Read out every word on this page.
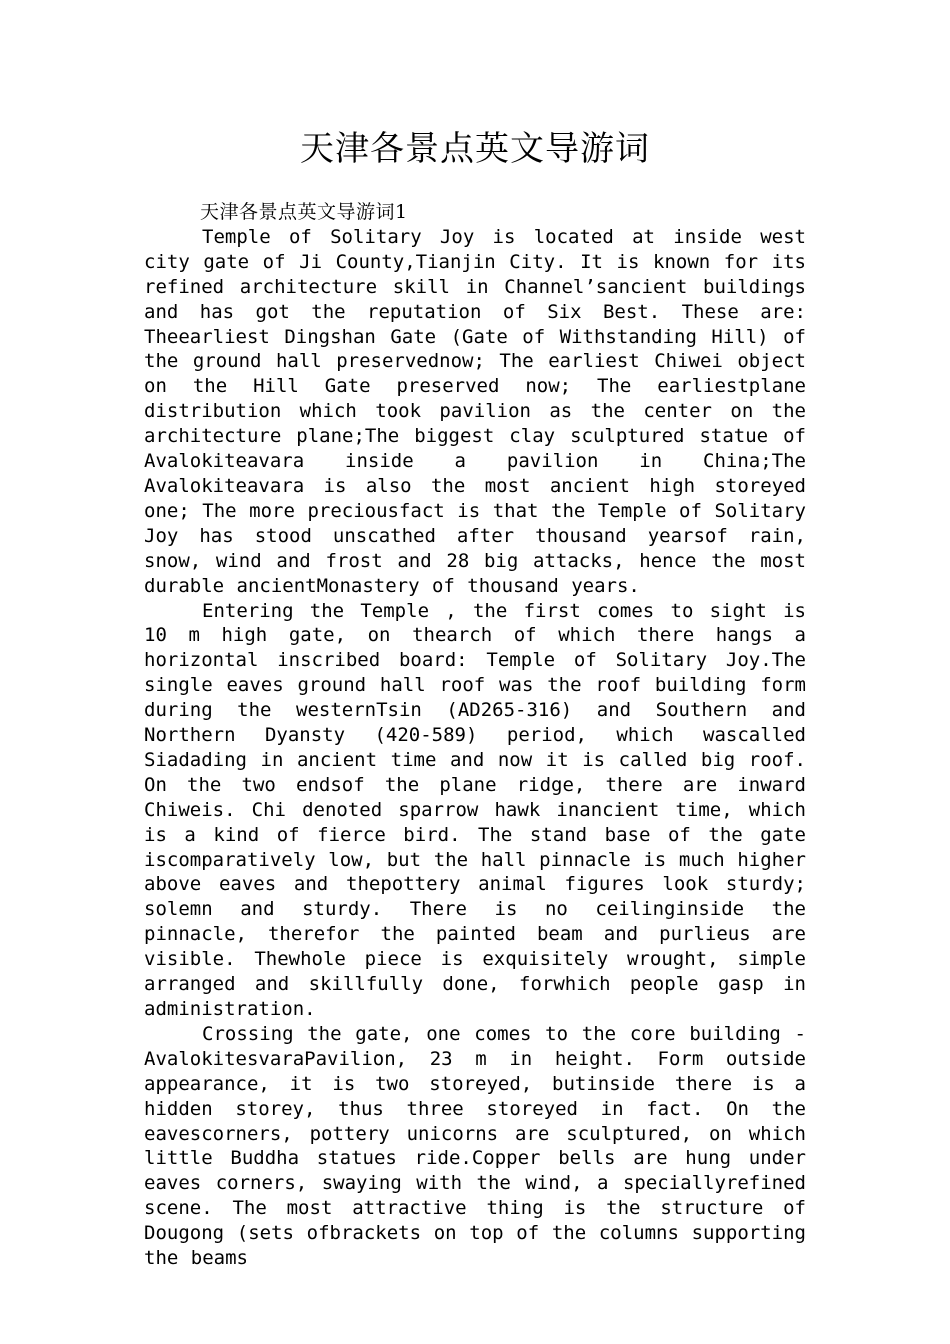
天津各景点英文导游词

天津各景点英文导游词1

Temple of Solitary Joy is located at inside west city gate of Ji County,Tianjin City. It is known for its refined architecture skill in Channel’sancient buildings and has got the reputation of Six Best. These are: Theearliest Dingshan Gate (Gate of Withstanding Hill) of the ground hall preservednow; The earliest Chiwei object on the Hill Gate preserved now; The earliestplane distribution which took pavilion as the center on the architecture plane;The biggest clay sculptured statue of Avalokiteavara inside a pavilion in China;The Avalokiteavara is also the most ancient high storeyed one; The more preciousfact is that the Temple of Solitary Joy has stood unscathed after thousand yearsof rain, snow, wind and frost and 28 big attacks, hence the most durable ancientMonastery of thousand years.

Entering the Temple , the first comes to sight is 10 m high gate, on thearch of which there hangs a horizontal inscribed board: Temple of Solitary Joy.The single eaves ground hall roof was the roof building form during the westernTsin (AD265-316) and Southern and Northern Dyansty (420-589) period, which wascalled Siadading in ancient time and now it is called big roof. On the two endsof the plane ridge, there are inward Chiweis. Chi denoted sparrow hawk inancient time, which is a kind of fierce bird. The stand base of the gate iscomparatively low, but the hall pinnacle is much higher above eaves and thepottery animal figures look sturdy; solemn and sturdy. There is no ceilinginside the pinnacle, therefor the painted beam and purlieus are visible. Thewhole piece is exquisitely wrought, simple arranged and skillfully done, forwhich people gasp in administration.

Crossing the gate, one comes to the core building - AvalokitesvaraPavilion, 23 m in height. Form outside appearance, it is two storeyed, butinside there is a hidden storey, thus three storeyed in fact. On the eavescorners, pottery unicorns are sculptured, on which little Buddha statues ride.Copper bells are hung under eaves corners, swaying with the wind, a speciallyrefined scene. The most attractive thing is the structure of Dougong (sets ofbrackets on top of the columns supporting the beams
